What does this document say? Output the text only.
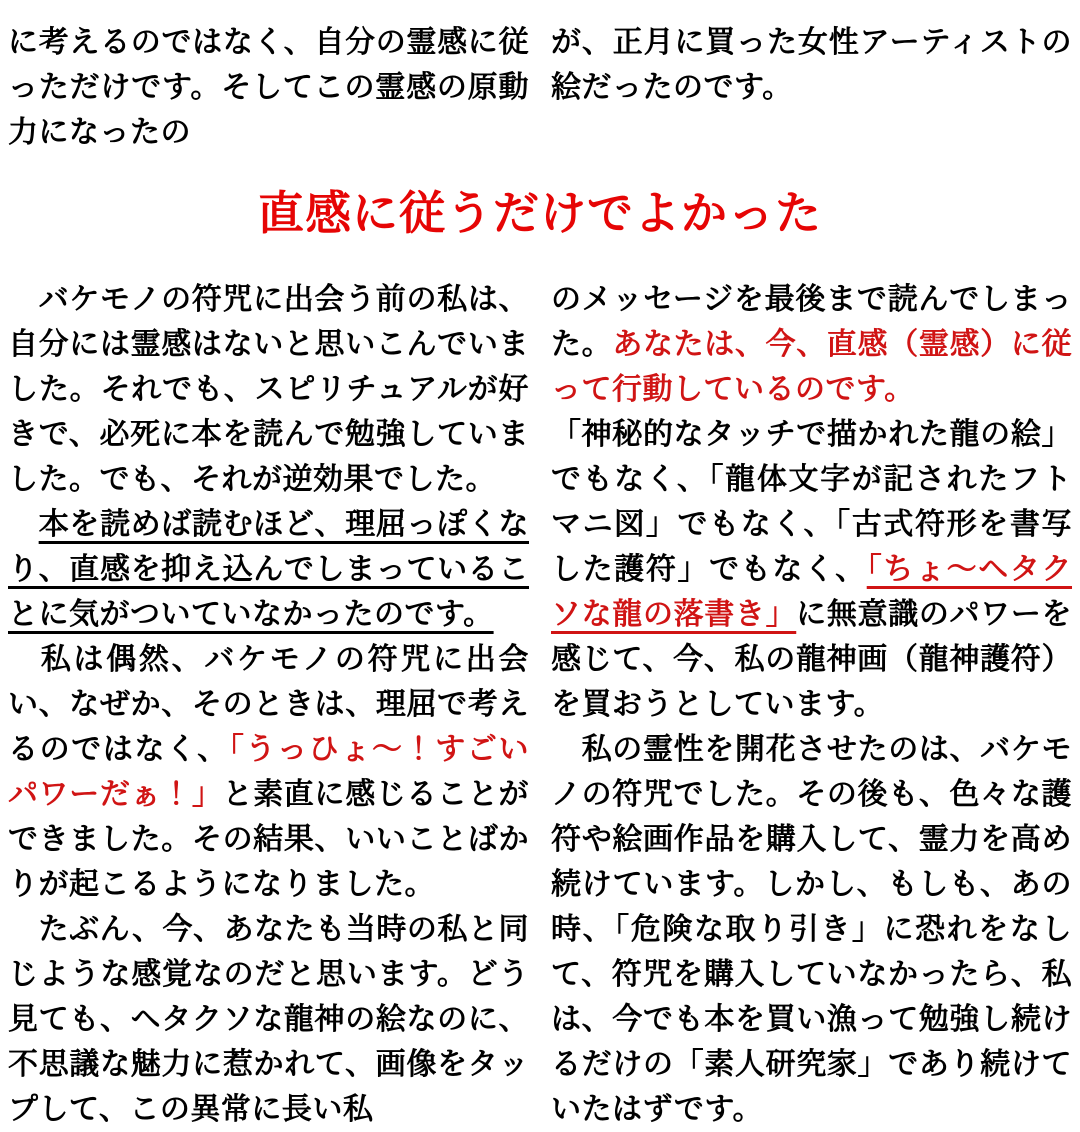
に考えるのではなく、自分の霊感に従っただけです。そしてこの霊感の原動力になったの

が、正月に買った女性アーティストの絵だったのです。

直感に従うだけでよかった

　バケモノの符咒に出会う前の私は、自分には霊感はないと思いこんでいました。それでも、スピリチュアルが好きで、必死に本を読んで勉強していました。でも、それが逆効果でした。

　本を読めば読むほど、理屈っぽくなり、直感を抑え込んでしまっていることに気がついていなかったのです。

　私は偶然、バケモノの符咒に出会い、なぜか、そのときは、理屈で考えるのではなく、「うっひょ〜！すごいパワーだぁ！」と素直に感じることができました。その結果、いいことばかりが起こるようになりました。

　たぶん、今、あなたも当時の私と同じような感覚なのだと思います。どう見ても、ヘタクソな龍神の絵なのに、不思議な魅力に惹かれて、画像をタップして、この異常に長い私

のメッセージを最後まで読んでしまった。あなたは、今、直感（霊感）に従って行動しているのです。

「神秘的なタッチで描かれた龍の絵」でもなく、「龍体文字が記されたフトマニ図」でもなく、「古式符形を書写した護符」でもなく、「ちょ〜ヘタクソな龍の落書き」に無意識のパワーを感じて、今、私の龍神画（龍神護符）を買おうとしています。

　私の霊性を開花させたのは、バケモノの符咒でした。その後も、色々な護符や絵画作品を購入して、霊力を高め続けています。しかし、もしも、あの時、「危険な取り引き」に恐れをなして、符咒を購入していなかったら、私は、今でも本を買い漁って勉強し続けるだけの「素人研究家」であり続けていたはずです。
